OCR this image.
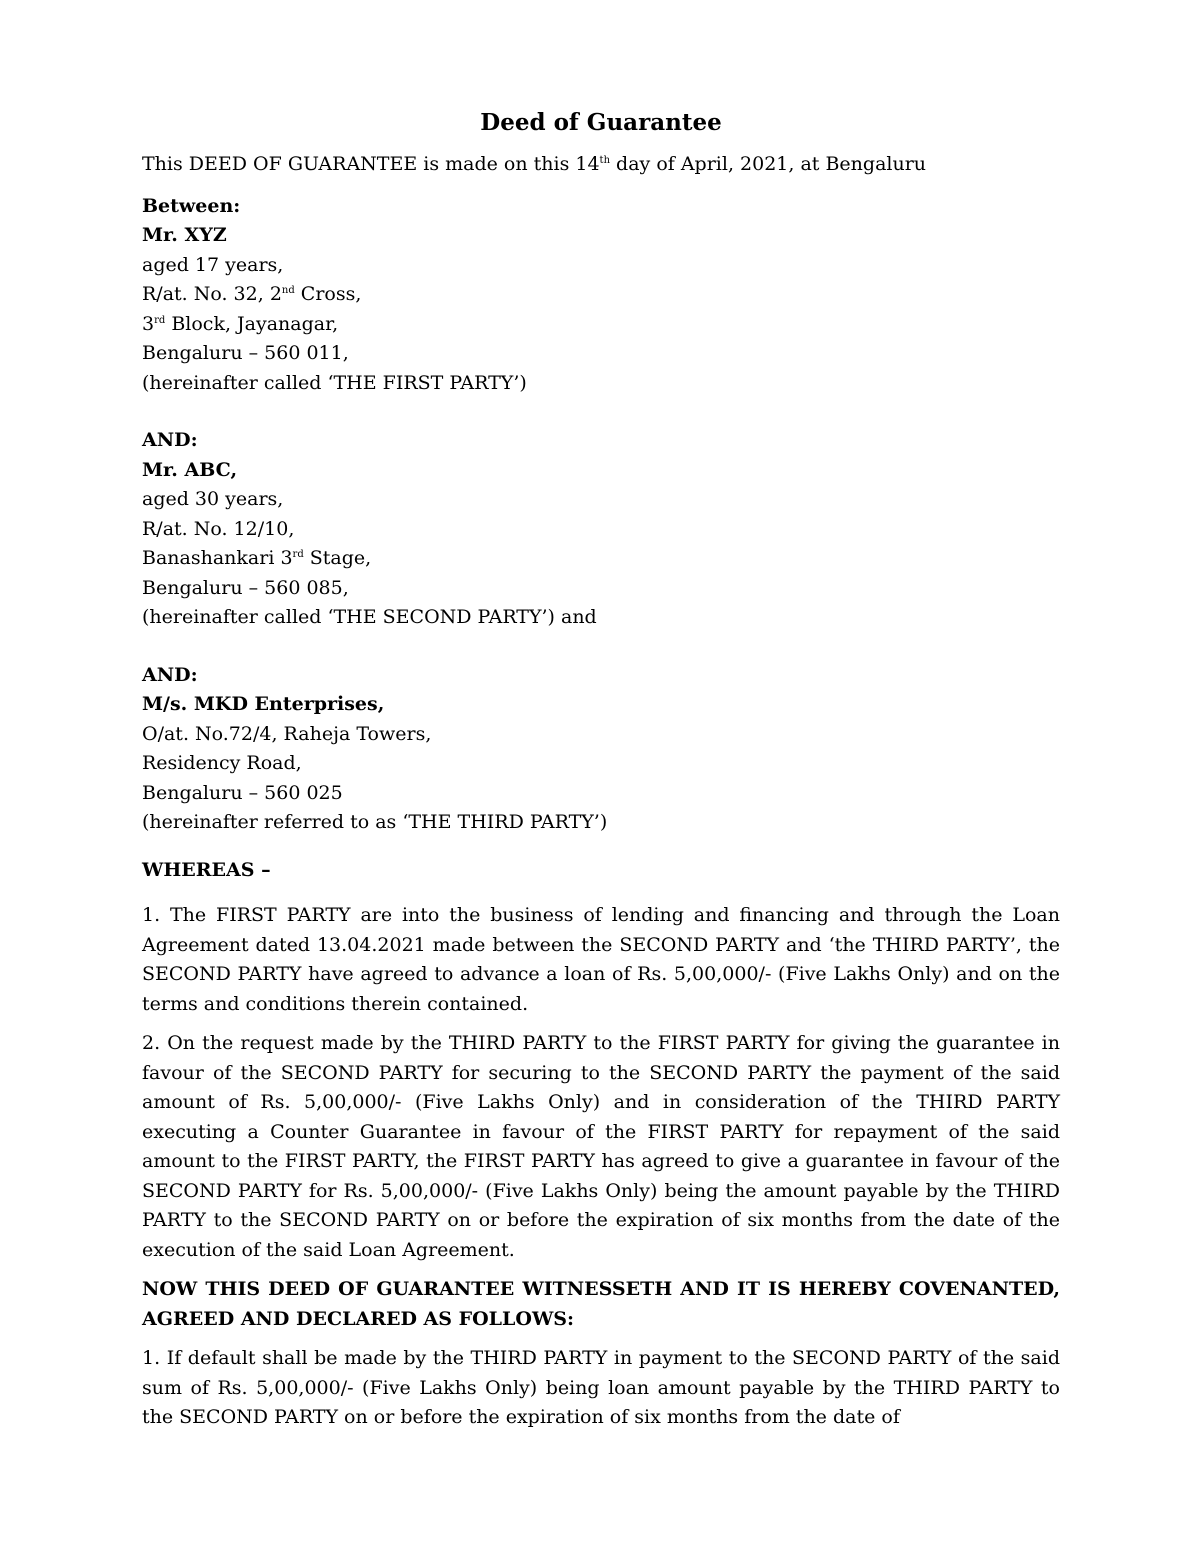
Deed of Guarantee

This DEED OF GUARANTEE is made on this 14th day of April, 2021, at Bengaluru

Between:

Mr. XYZ

aged 17 years,

R/at. No. 32, 2nd Cross,

3rd Block, Jayanagar,

Bengaluru – 560 011,

(hereinafter called ‘THE FIRST PARTY’)

AND:

Mr. ABC,

aged 30 years,

R/at. No. 12/10,

Banashankari 3rd Stage,

Bengaluru – 560 085,

(hereinafter called ‘THE SECOND PARTY’) and

AND:

M/s. MKD Enterprises,

O/at. No.72/4, Raheja Towers,

Residency Road,

Bengaluru – 560 025

(hereinafter referred to as ‘THE THIRD PARTY’)

WHEREAS –

1. The FIRST PARTY are into the business of lending and financing and through the Loan Agreement dated 13.04.2021 made between the SECOND PARTY and ‘the THIRD PARTY’, the SECOND PARTY have agreed to advance a loan of Rs. 5,00,000/- (Five Lakhs Only) and on the terms and conditions therein contained.

2. On the request made by the THIRD PARTY to the FIRST PARTY for giving the guarantee in favour of the SECOND PARTY for securing to the SECOND PARTY the payment of the said amount of Rs. 5,00,000/- (Five Lakhs Only) and in consideration of the THIRD PARTY executing a Counter Guarantee in favour of the FIRST PARTY for repayment of the said amount to the FIRST PARTY, the FIRST PARTY has agreed to give a guarantee in favour of the SECOND PARTY for Rs. 5,00,000/- (Five Lakhs Only) being the amount payable by the THIRD PARTY to the SECOND PARTY on or before the expiration of six months from the date of the execution of the said Loan Agreement.

NOW THIS DEED OF GUARANTEE WITNESSETH AND IT IS HEREBY COVENANTED, AGREED AND DECLARED AS FOLLOWS:

1. If default shall be made by the THIRD PARTY in payment to the SECOND PARTY of the said sum of Rs. 5,00,000/- (Five Lakhs Only) being loan amount payable by the THIRD PARTY to the SECOND PARTY on or before the expiration of six months from the date of
